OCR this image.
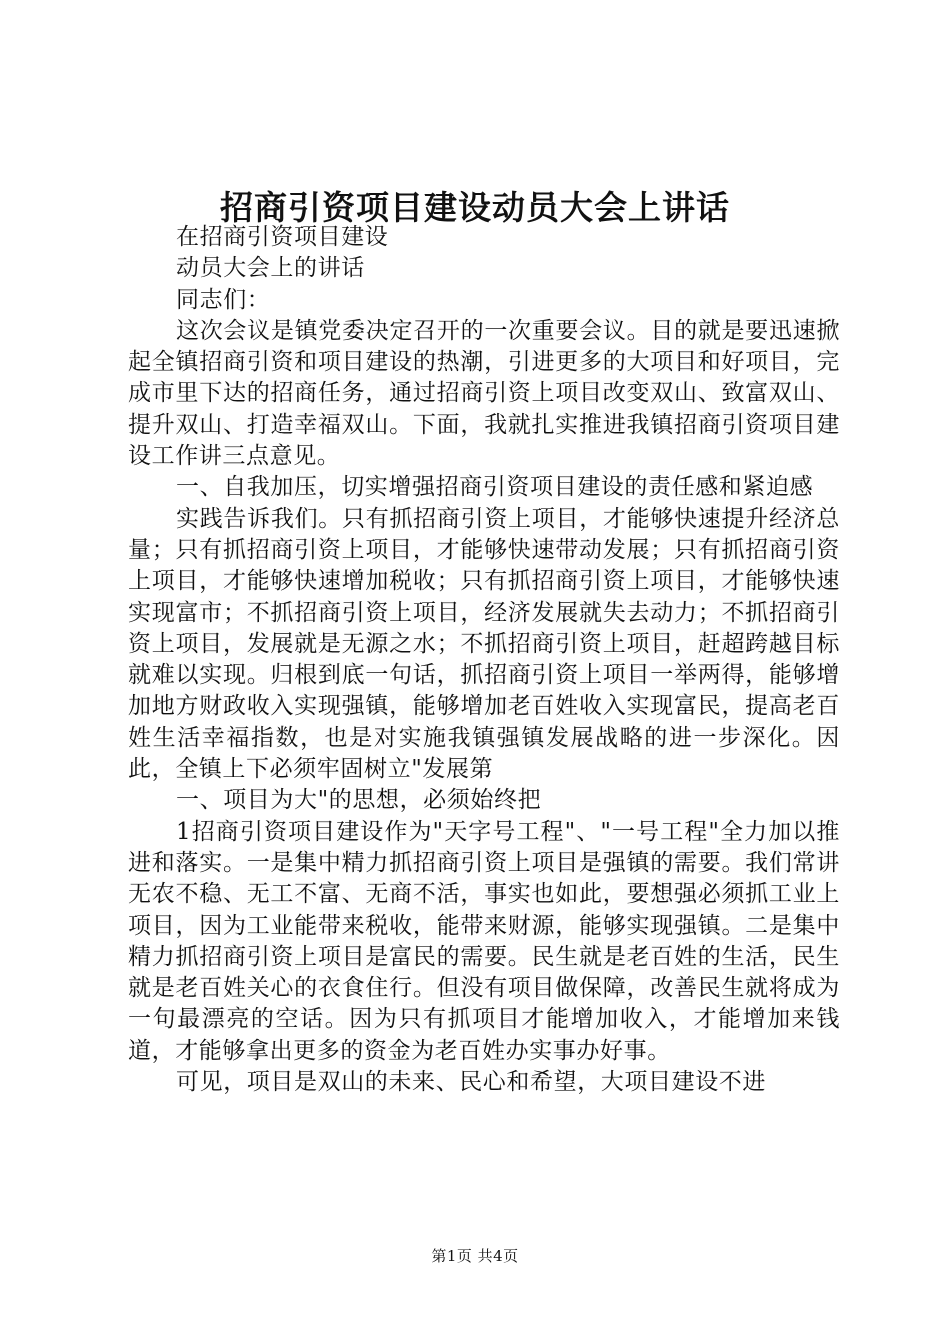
招商引资项目建设动员大会上讲话

在招商引资项目建设

动员大会上的讲话

同志们：

这次会议是镇党委决定召开的一次重要会议。目的就是要迅速掀起全镇招商引资和项目建设的热潮，引进更多的大项目和好项目，完成市里下达的招商任务，通过招商引资上项目改变双山、致富双山、提升双山、打造幸福双山。下面，我就扎实推进我镇招商引资项目建设工作讲三点意见。

一、自我加压，切实增强招商引资项目建设的责任感和紧迫感

实践告诉我们。只有抓招商引资上项目，才能够快速提升经济总量；只有抓招商引资上项目，才能够快速带动发展；只有抓招商引资上项目，才能够快速增加税收；只有抓招商引资上项目，才能够快速实现富市；不抓招商引资上项目，经济发展就失去动力；不抓招商引资上项目，发展就是无源之水；不抓招商引资上项目，赶超跨越目标就难以实现。归根到底一句话，抓招商引资上项目一举两得，能够增加地方财政收入实现强镇，能够增加老百姓收入实现富民，提高老百姓生活幸福指数，也是对实施我镇强镇发展战略的进一步深化。因此，全镇上下必须牢固树立"发展第

一、项目为大"的思想，必须始终把

1招商引资项目建设作为"天字号工程"、"一号工程"全力加以推进和落实。一是集中精力抓招商引资上项目是强镇的需要。我们常讲无农不稳、无工不富、无商不活，事实也如此，要想强必须抓工业上项目，因为工业能带来税收，能带来财源，能够实现强镇。二是集中精力抓招商引资上项目是富民的需要。民生就是老百姓的生活，民生就是老百姓关心的衣食住行。但没有项目做保障，改善民生就将成为一句最漂亮的空话。因为只有抓项目才能增加收入，才能增加来钱道，才能够拿出更多的资金为老百姓办实事办好事。

可见，项目是双山的未来、民心和希望，大项目建设不进

第1页 共4页
